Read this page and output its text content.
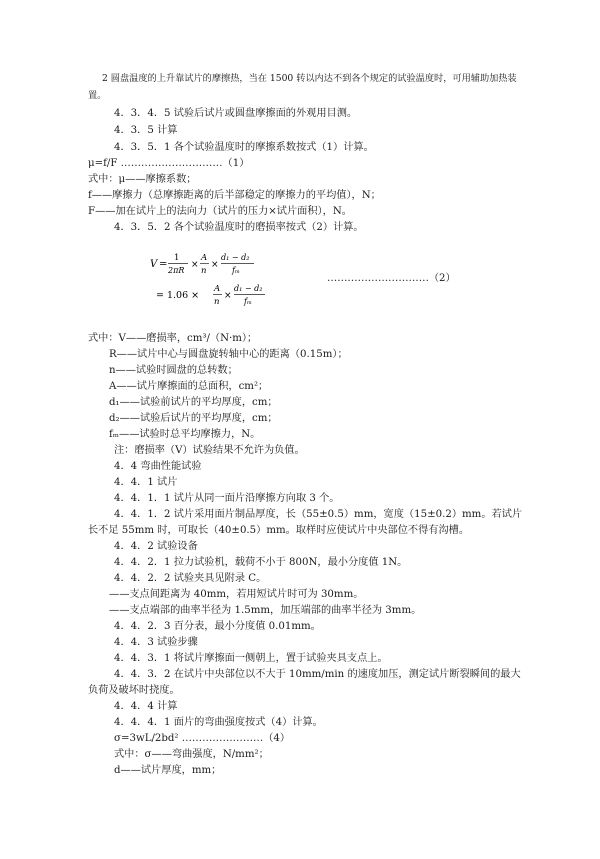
2 圆盘温度的上升靠试片的摩擦热，当在 1500 转以内达不到各个规定的试验温度时，可用辅助加热装
置。
4．3．4．5 试验后试片或圆盘摩擦面的外观用目测。
4．3．5 计算
4．3．5．1 各个试验温度时的摩擦系数按式（1）计算。
μ=f/F …………………………（1）
式中：μ——摩擦系数；
f——摩擦力（总摩擦距离的后半部稳定的摩擦力的平均值），N；
F——加在试片上的法向力（试片的压力×试片面积），N。
4．3．5．2 各个试验温度时的磨损率按式（2）计算。
V =
1
2πR
×
A
n
×
d₁ − d₂
fₘ
= 1.06 ×
A
n
×
d₁ − d₂
fₘ
…………………………（2）
式中：V——磨损率，cm³/（N·m）；
R——试片中心与圆盘旋转轴中心的距离（0.15m）；
n——试验时圆盘的总转数；
A——试片摩擦面的总面积，cm²；
d₁——试验前试片的平均厚度，cm；
d₂——试验后试片的平均厚度，cm；
fₘ——试验时总平均摩擦力，N。
注：磨损率（V）试验结果不允许为负值。
4．4 弯曲性能试验
4．4．1 试片
4．4．1．1 试片从同一面片沿摩擦方向取 3 个。
4．4．1．2 试片采用面片制品厚度，长（55±0.5）mm，宽度（15±0.2）mm。若试片
长不足 55mm 时，可取长（40±0.5）mm。取样时应使试片中央部位不得有沟槽。
4．4．2 试验设备
4．4．2．1 拉力试验机，载荷不小于 800N，最小分度值 1N。
4．4．2．2 试验夹具见附录 C。
——支点间距离为 40mm，若用短试片时可为 30mm。
——支点端部的曲率半径为 1.5mm，加压端部的曲率半径为 3mm。
4．4．2．3 百分表，最小分度值 0.01mm。
4．4．3 试验步骤
4．4．3．1 将试片摩擦面一侧朝上，置于试验夹具支点上。
4．4．3．2 在试片中央部位以不大于 10mm/min 的速度加压，测定试片断裂瞬间的最大
负荷及破坏时挠度。
4．4．4 计算
4．4．4．1 面片的弯曲强度按式（4）计算。
σ=3wL/2bd² ……………………（4）
式中：σ——弯曲强度，N/mm²；
d——试片厚度，mm；
